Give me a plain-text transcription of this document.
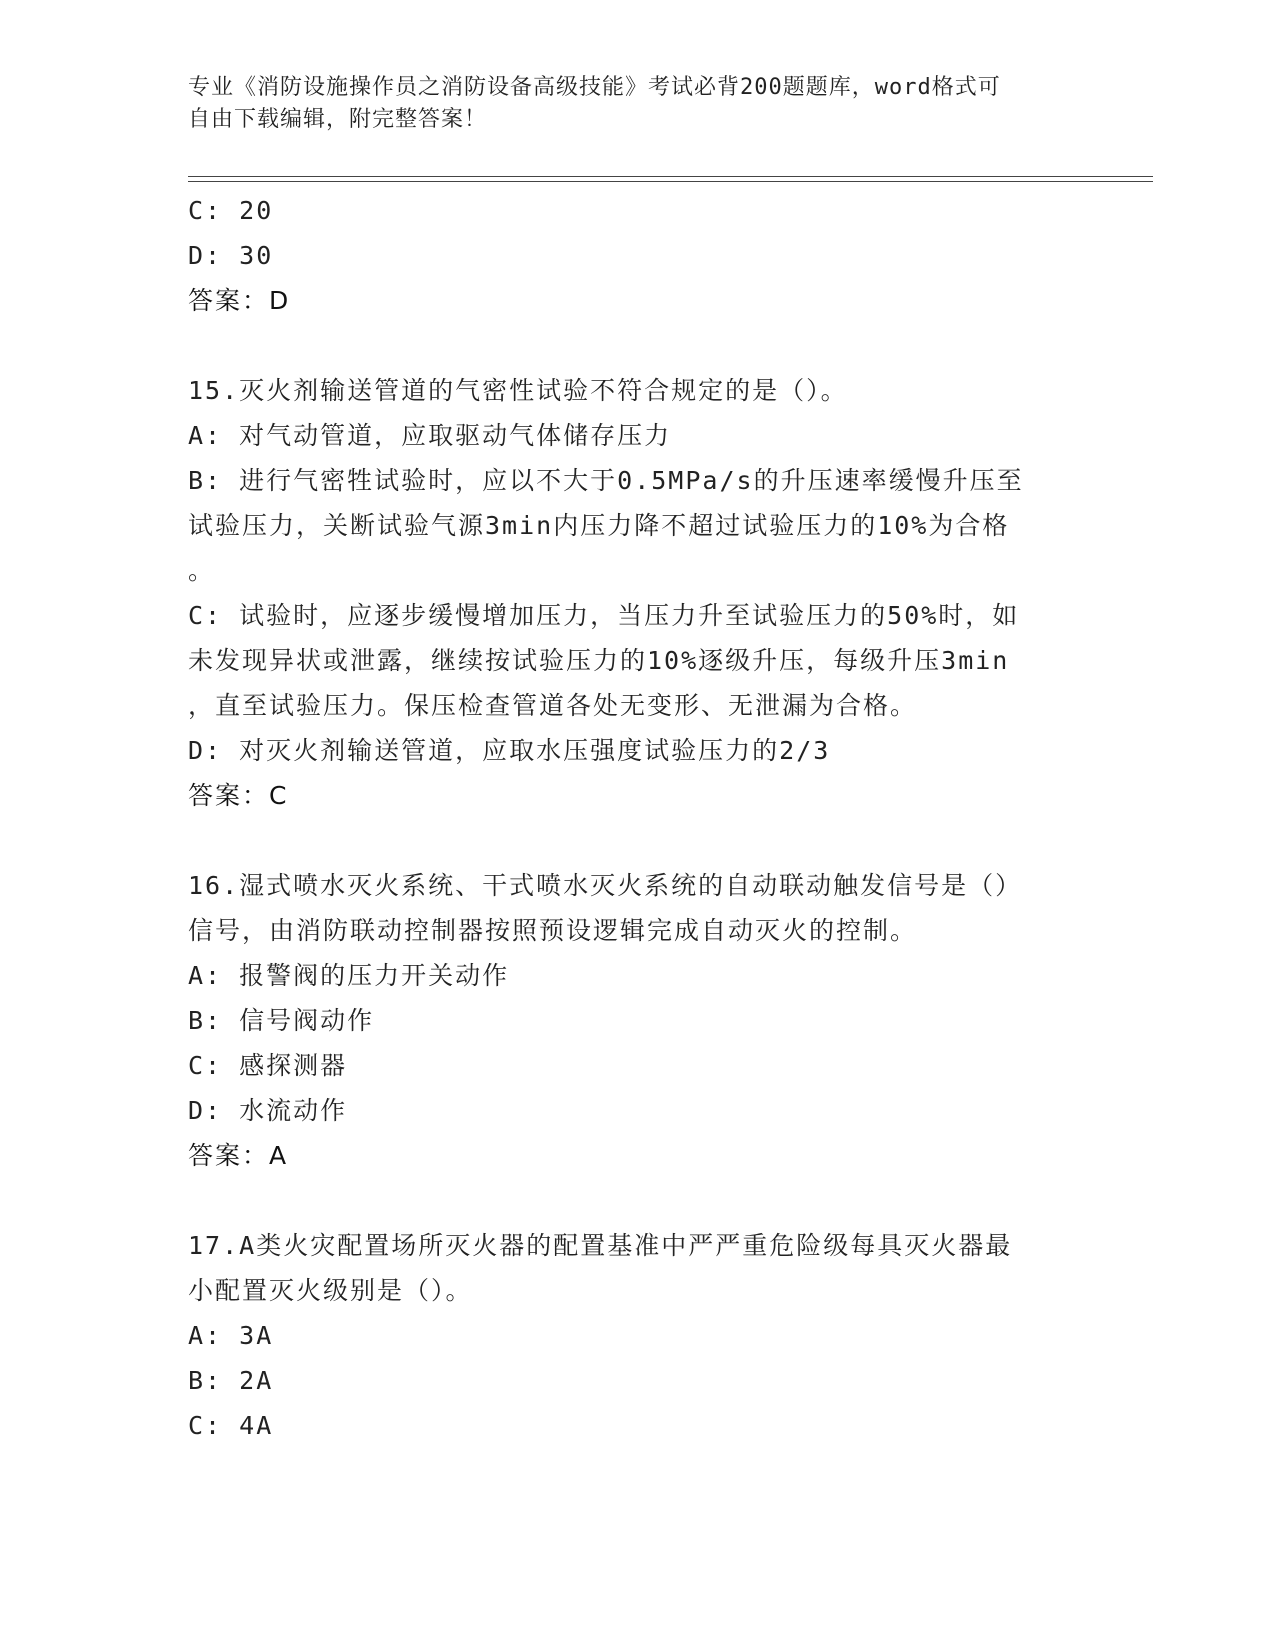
专业《消防设施操作员之消防设备高级技能》考试必背200题题库，word格式可
自由下载编辑，附完整答案！
C: 20
D: 30
答案：D
15.灭火剂输送管道的气密性试验不符合规定的是（）。
A: 对气动管道，应取驱动气体储存压力
B: 进行气密牲试验时，应以不大于0.5MPa/s的升压速率缓慢升压至
试验压力，关断试验气源3min内压力降不超过试验压力的10%为合格
。
C: 试验时，应逐步缓慢增加压力，当压力升至试验压力的50%时，如
未发现异状或泄露，继续按试验压力的10%逐级升压，每级升压3min
，直至试验压力。保压检查管道各处无变形、无泄漏为合格。
D: 对灭火剂输送管道，应取水压强度试验压力的2/3
答案：C
16.湿式喷水灭火系统、干式喷水灭火系统的自动联动触发信号是（）
信号，由消防联动控制器按照预设逻辑完成自动灭火的控制。
A: 报警阀的压力开关动作
B: 信号阀动作
C: 感探测器
D: 水流动作
答案：A
17.A类火灾配置场所灭火器的配置基准中严严重危险级每具灭火器最
小配置灭火级别是（）。
A: 3A
B: 2A
C: 4A
